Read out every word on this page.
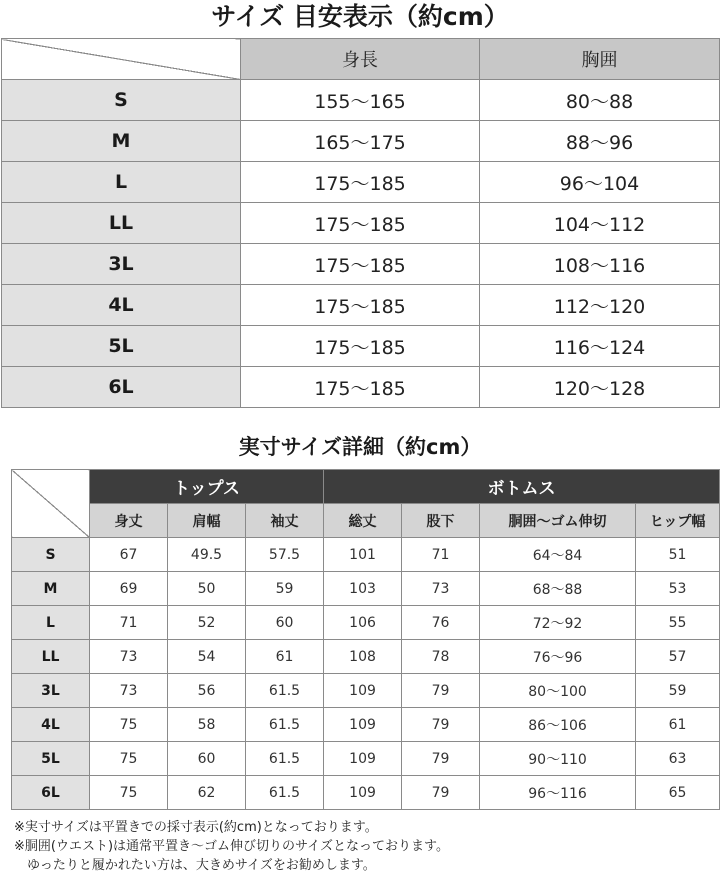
サイズ 目安表示（約cm）
	身長	胸囲
S	155～165	80～88
M	165～175	88～96
L	175～185	96～104
LL	175～185	104～112
3L	175～185	108～116
4L	175～185	112～120
5L	175～185	116～124
6L	175～185	120～128
実寸サイズ詳細（約cm）
	トップス			ボトムス			
	身丈	肩幅	袖丈	総丈	股下	胴囲～ゴム伸切	ヒップ幅
S	67	49.5	57.5	101	71	64～84	51
M	69	50	59	103	73	68～88	53
L	71	52	60	106	76	72～92	55
LL	73	54	61	108	78	76～96	57
3L	73	56	61.5	109	79	80～100	59
4L	75	58	61.5	109	79	86～106	61
5L	75	60	61.5	109	79	90～110	63
6L	75	62	61.5	109	79	96～116	65
※実寸サイズは平置きでの採寸表示(約cm)となっております。
※胴囲(ウエスト)は通常平置き～ゴム伸び切りのサイズとなっております。
　ゆったりと履かれたい方は、大きめサイズをお勧めします。
